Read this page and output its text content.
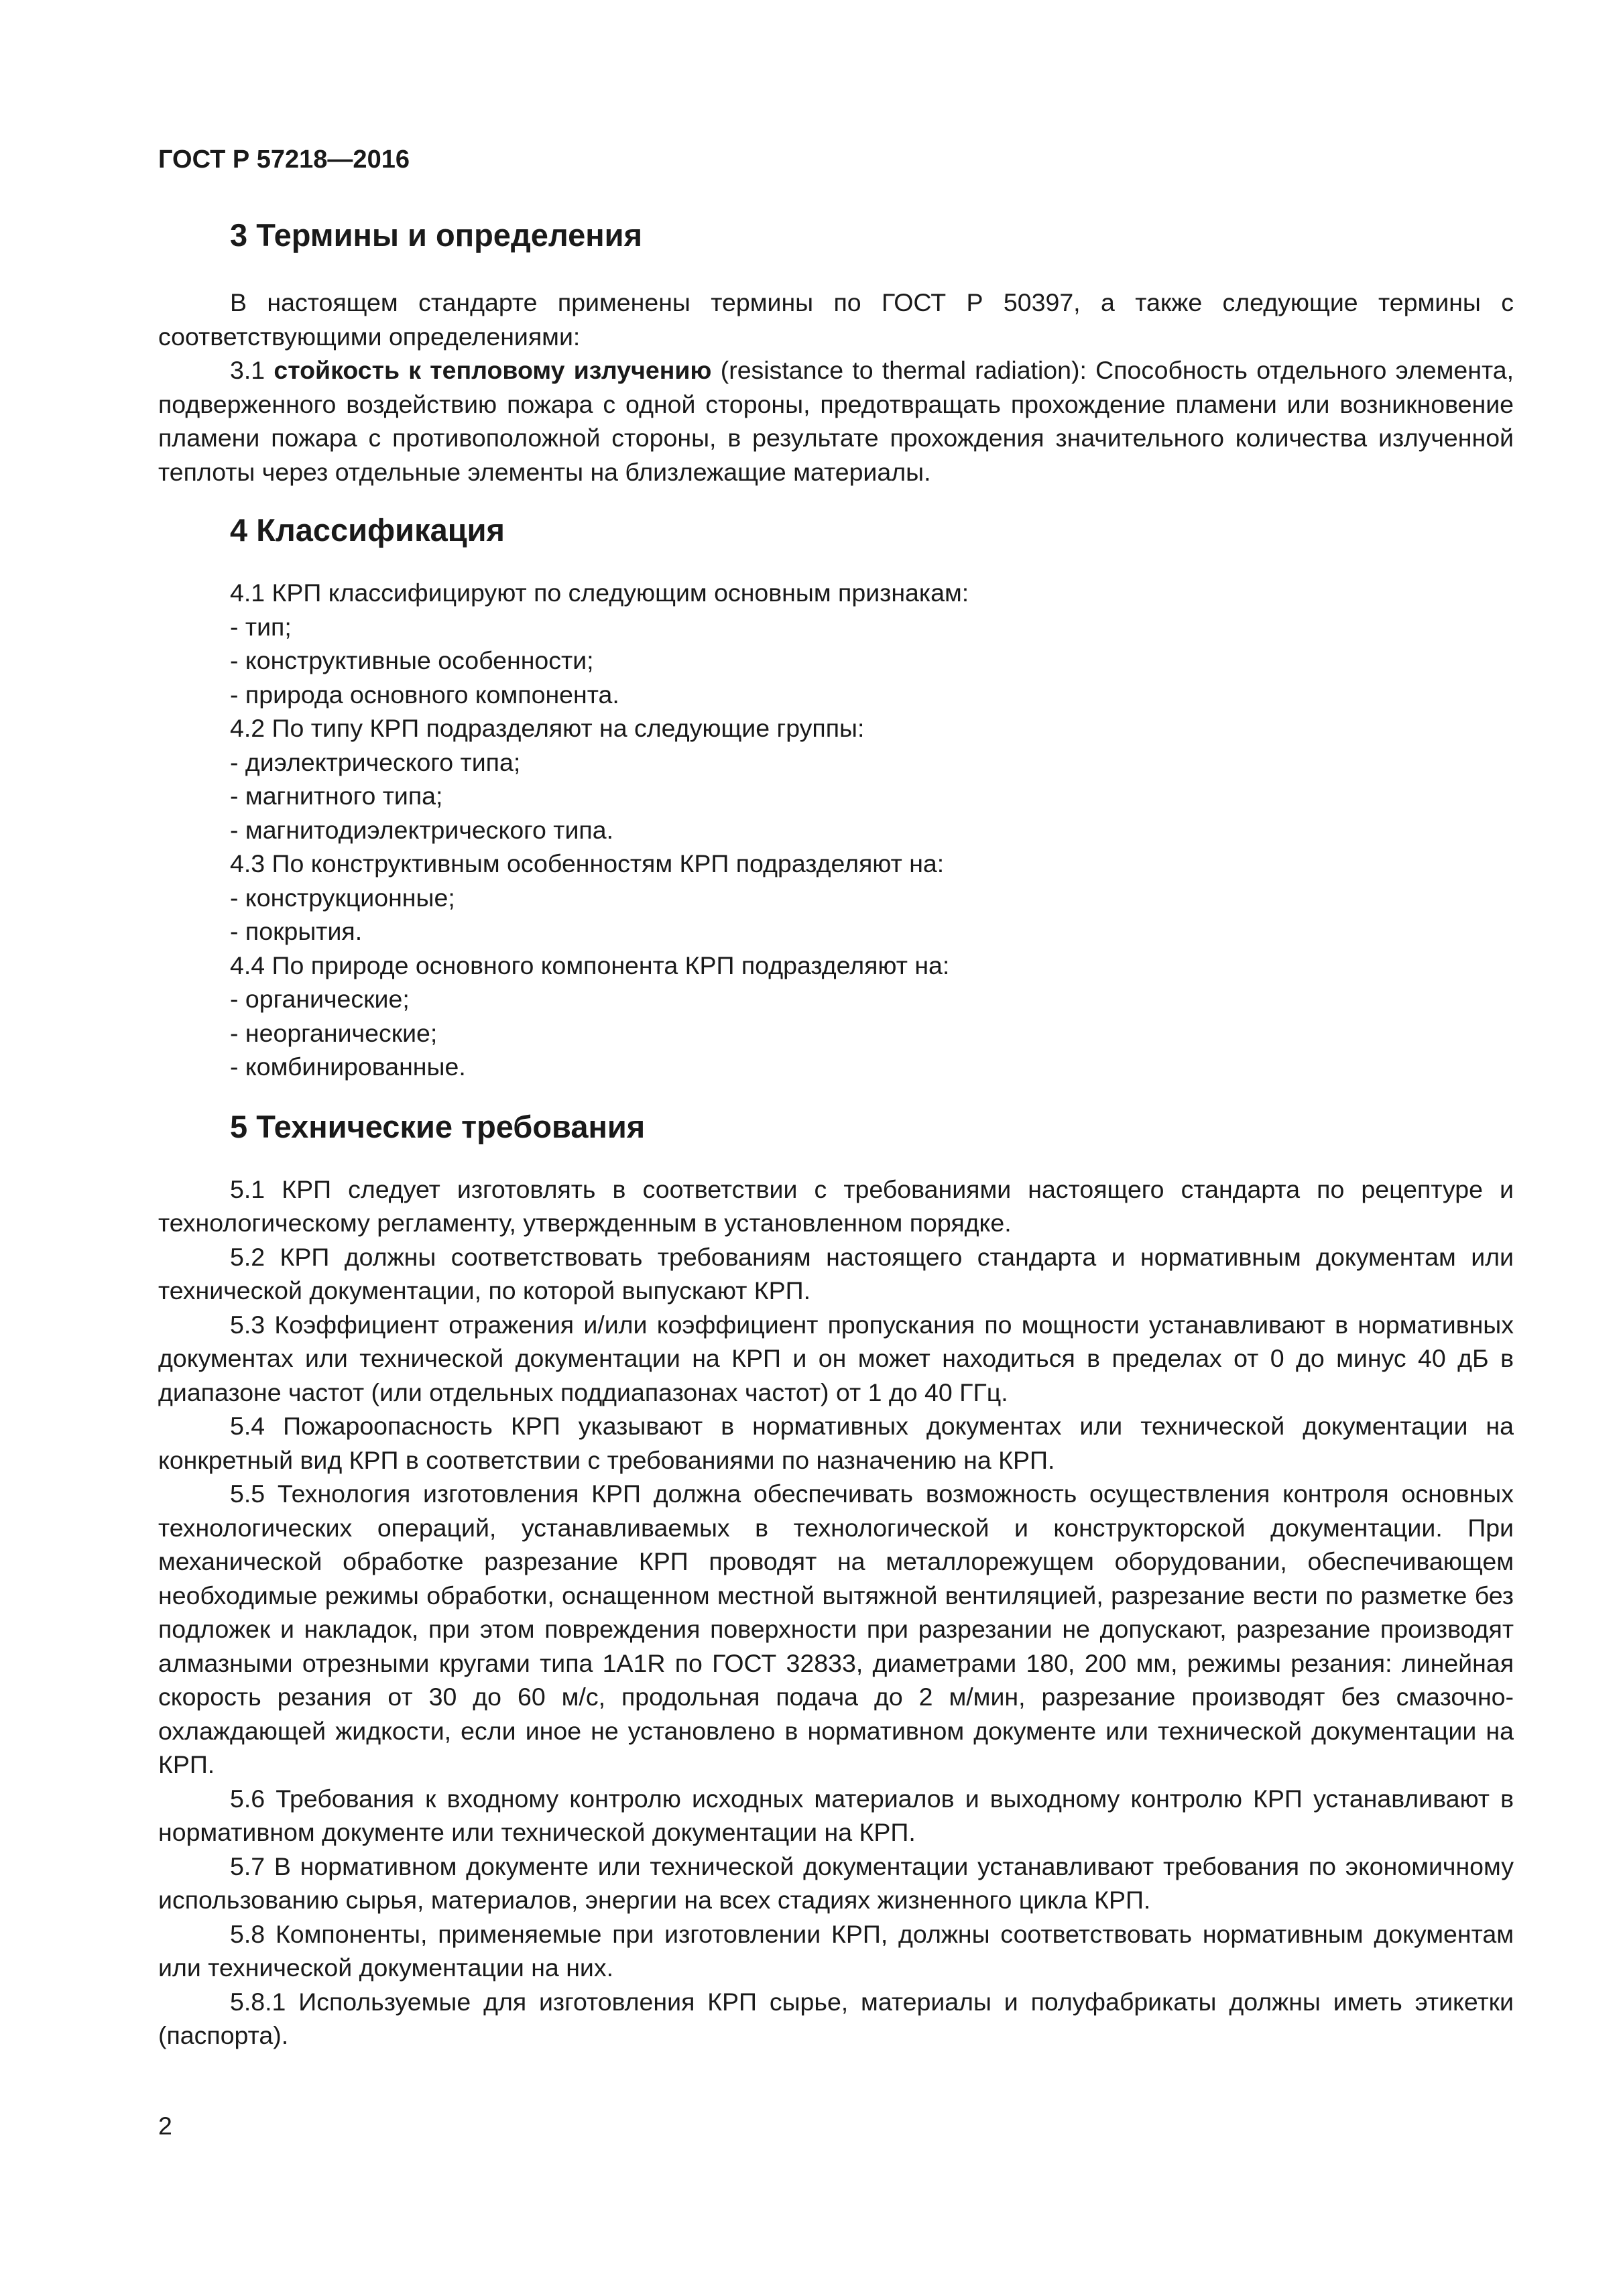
ГОСТ Р 57218—2016

3 Термины и определения

В настоящем стандарте применены термины по ГОСТ Р 50397, а также следующие термины с соответствующими определениями:

3.1 стойкость к тепловому излучению (resistance to thermal radiation): Способность отдельного элемента, подверженного воздействию пожара с одной стороны, предотвращать прохождение пламени или возникновение пламени пожара с противоположной стороны, в результате прохождения значительного количества излученной теплоты через отдельные элементы на близлежащие материалы.

4 Классификация

4.1 КРП классифицируют по следующим основным признакам:

- тип;

- конструктивные особенности;

- природа основного компонента.

4.2 По типу КРП подразделяют на следующие группы:

- диэлектрического типа;

- магнитного типа;

- магнитодиэлектрического типа.

4.3 По конструктивным особенностям КРП подразделяют на:

- конструкционные;

- покрытия.

4.4 По природе основного компонента КРП подразделяют на:

- органические;

- неорганические;

- комбинированные.

5 Технические требования

5.1 КРП следует изготовлять в соответствии с требованиями настоящего стандарта по рецептуре и технологическому регламенту, утвержденным в установленном порядке.

5.2 КРП должны соответствовать требованиям настоящего стандарта и нормативным документам или технической документации, по которой выпускают КРП.

5.3 Коэффициент отражения и/или коэффициент пропускания по мощности устанавливают в нормативных документах или технической документации на КРП и он может находиться в пределах от 0 до минус 40 дБ в диапазоне частот (или отдельных поддиапазонах частот) от 1 до 40 ГГц.

5.4 Пожароопасность КРП указывают в нормативных документах или технической документации на конкретный вид КРП в соответствии с требованиями по назначению на КРП.

5.5 Технология изготовления КРП должна обеспечивать возможность осуществления контроля основных технологических операций, устанавливаемых в технологической и конструкторской документации. При механической обработке разрезание КРП проводят на металлорежущем оборудовании, обеспечивающем необходимые режимы обработки, оснащенном местной вытяжной вентиляцией, разрезание вести по разметке без подложек и накладок, при этом повреждения поверхности при разрезании не допускают, разрезание производят алмазными отрезными кругами типа 1А1R по ГОСТ 32833, диаметрами 180, 200 мм, режимы резания: линейная скорость резания от 30 до 60 м/с, продольная подача до 2 м/мин, разрезание производят без смазочно-охлаждающей жидкости, если иное не установлено в нормативном документе или технической документации на КРП.

5.6 Требования к входному контролю исходных материалов и выходному контролю КРП устанавливают в нормативном документе или технической документации на КРП.

5.7 В нормативном документе или технической документации устанавливают требования по экономичному использованию сырья, материалов, энергии на всех стадиях жизненного цикла КРП.

5.8 Компоненты, применяемые при изготовлении КРП, должны соответствовать нормативным документам или технической документации на них.

5.8.1 Используемые для изготовления КРП сырье, материалы и полуфабрикаты должны иметь этикетки (паспорта).

2
